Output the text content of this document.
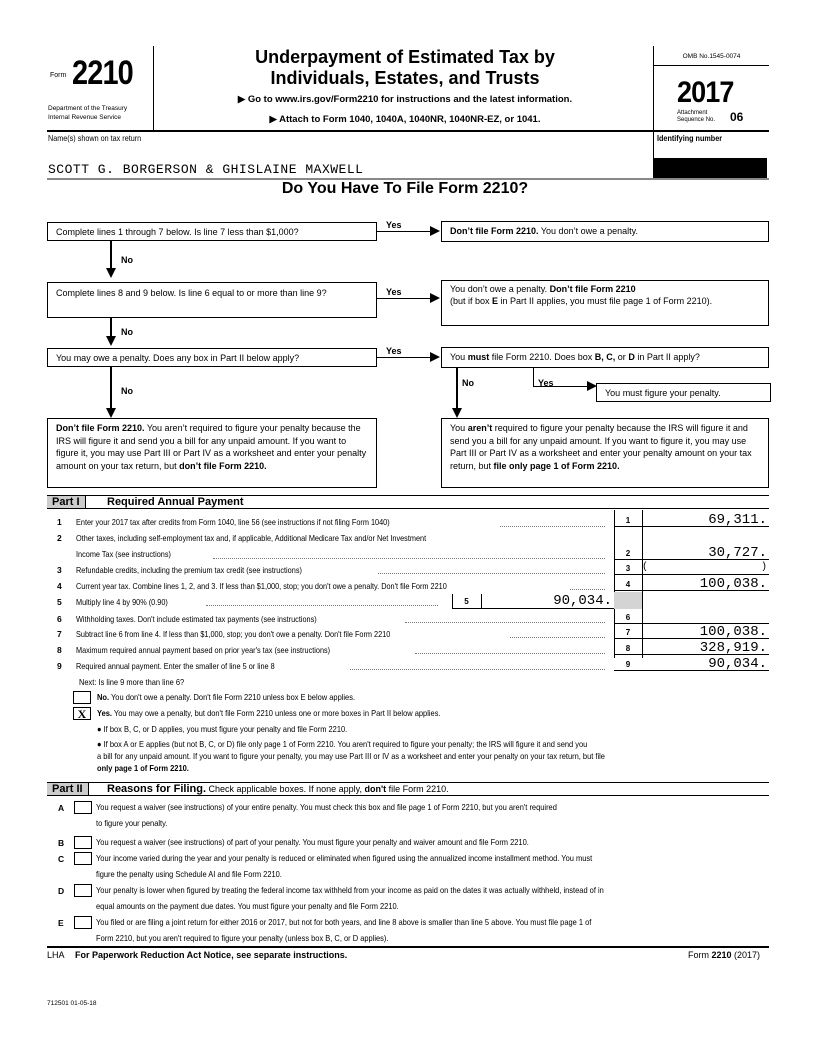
Form 2210
Department of the Treasury
Internal Revenue Service
Underpayment of Estimated Tax by
Individuals, Estates, and Trusts
▶ Go to www.irs.gov/Form2210 for instructions and the latest information.
▶ Attach to Form 1040, 1040A, 1040NR, 1040NR-EZ, or 1041.
OMB No.1545-0074
2017
Attachment
Sequence No. 06
Name(s) shown on tax return	Identifying number
SCOTT G. BORGERSON & GHISLAINE MAXWELL
Do You Have To File Form 2210?
Complete lines 1 through 7 below. Is line 7 less than $1,000?
Yes
Don’t file Form 2210. You don’t owe a penalty.
No
Complete lines 8 and 9 below. Is line 6 equal to or more than line 9?	Yes	You don’t owe a penalty. Don’t file Form 2210
(but if box E in Part II applies, you must file page 1 of Form 2210).
No
You may owe a penalty. Does any box in Part II below apply?
Yes
You must file Form 2210. Does box B, C, or D in Part II apply?
No
No	Yes
You must figure your penalty.
Don’t file Form 2210. You aren’t required to figure your penalty because the IRS will figure it and send you a bill for any unpaid amount. If you want to figure it, you may use Part III or Part IV as a worksheet and enter your penalty amount on your tax return, but don’t file Form 2210.
You aren’t required to figure your penalty because the IRS will figure it and send you a bill for any unpaid amount. If you want to figure it, you may use Part III or Part IV as a worksheet and enter your penalty amount on your tax return, but file only page 1 of Form 2210.
Part I	Required Annual Payment
1 Enter your 2017 tax after credits from Form 1040, line 56 (see instructions if not filing Form 1040)	1	69,311.
2 Other taxes, including self-employment tax and, if applicable, Additional Medicare Tax and/or Net Investment
Income Tax (see instructions)	2	30,727.
3 Refundable credits, including the premium tax credit (see instructions)	3	(	)
4 Current year tax. Combine lines 1, 2, and 3. If less than $1,000, stop; you don't owe a penalty. Don't file Form 2210	4	100,038.
5 Multiply line 4 by 90% (0.90)	5	90,034.
6 Withholding taxes. Don't include estimated tax payments (see instructions)	6
7 Subtract line 6 from line 4. If less than $1,000, stop; you don't owe a penalty. Don't file Form 2210	7	100,038.
8 Maximum required annual payment based on prior year's tax (see instructions)	8	328,919.
9 Required annual payment. Enter the smaller of line 5 or line 8	9	90,034.
Next: Is line 9 more than line 6?
No. You don't owe a penalty. Don't file Form 2210 unless box E below applies.
X	Yes. You may owe a penalty, but don't file Form 2210 unless one or more boxes in Part II below applies.
● If box B, C, or D applies, you must figure your penalty and file Form 2210.
● If box A or E applies (but not B, C, or D) file only page 1 of Form 2210. You aren't required to figure your penalty; the IRS will figure it and send you
a bill for any unpaid amount. If you want to figure your penalty, you may use Part III or IV as a worksheet and enter your penalty on your tax return, but file
only page 1 of Form 2210.
Part II	Reasons for Filing. Check applicable boxes. If none apply, don't file Form 2210.
A	You request a waiver (see instructions) of your entire penalty. You must check this box and file page 1 of Form 2210, but you aren't required
to figure your penalty.
B	You request a waiver (see instructions) of part of your penalty. You must figure your penalty and waiver amount and file Form 2210.
C	Your income varied during the year and your penalty is reduced or eliminated when figured using the annualized income installment method. You must
figure the penalty using Schedule AI and file Form 2210.
D	Your penalty is lower when figured by treating the federal income tax withheld from your income as paid on the dates it was actually withheld, instead of in
equal amounts on the payment due dates. You must figure your penalty and file Form 2210.
E	You filed or are filing a joint return for either 2016 or 2017, but not for both years, and line 8 above is smaller than line 5 above. You must file page 1 of
Form 2210, but you aren't required to figure your penalty (unless box B, C, or D applies).
LHA For Paperwork Reduction Act Notice, see separate instructions.	Form 2210 (2017)
712501 01-05-18
